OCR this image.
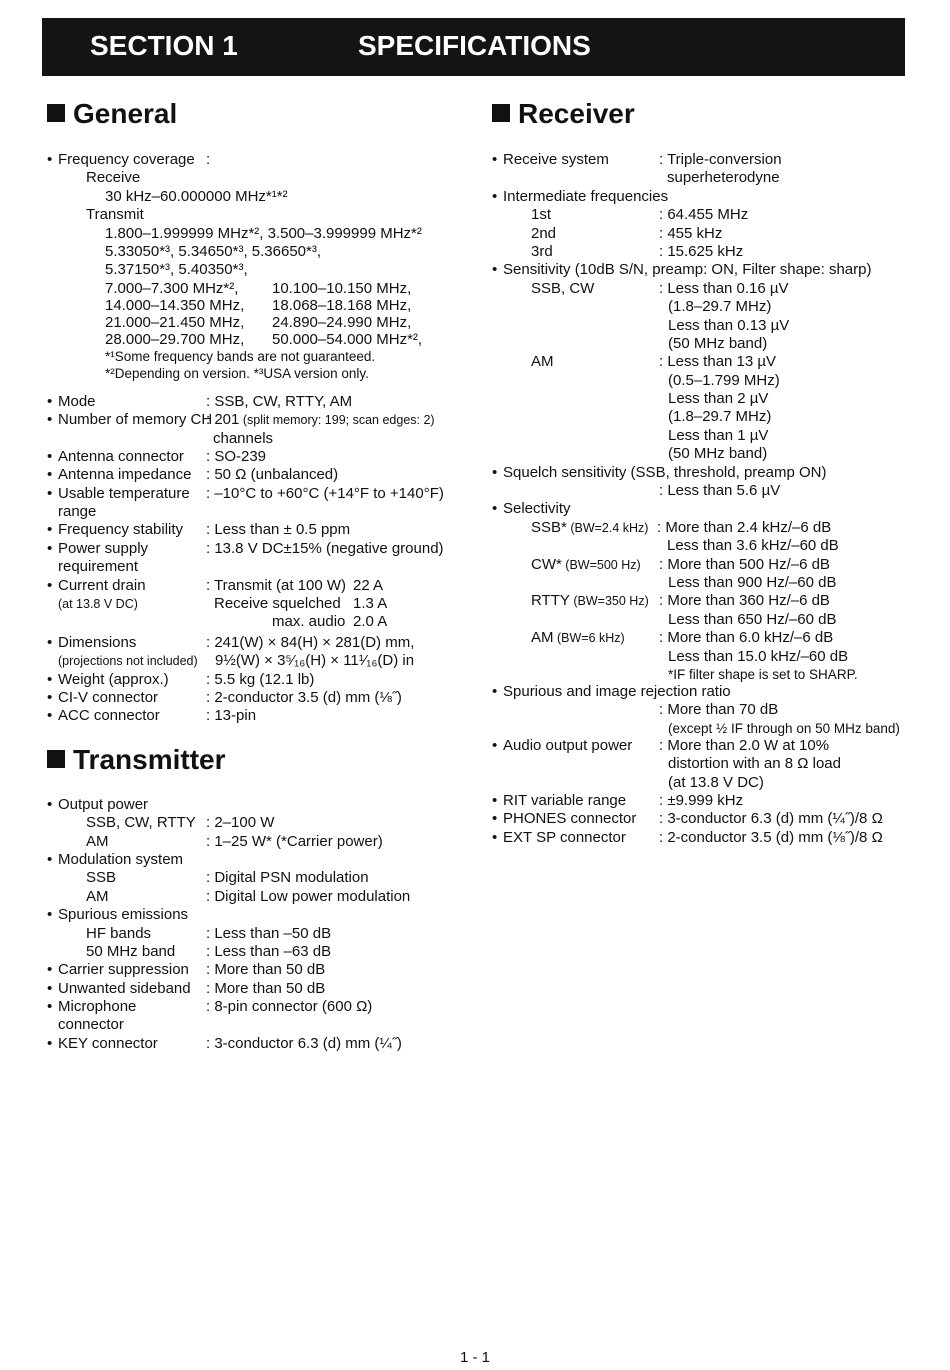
SECTION 1	SPECIFICATIONS
General
• Frequency coverage :
Receive
30 kHz–60.000000 MHz*¹*²
Transmit
1.800–1.999999 MHz*², 3.500–3.999999 MHz*²
5.33050*³, 5.34650*³, 5.36650*³,
5.37150*³, 5.40350*³,
7.000–7.300 MHz*², 10.100–10.150 MHz,
14.000–14.350 MHz, 18.068–18.168 MHz,
21.000–21.450 MHz, 24.890–24.990 MHz,
28.000–29.700 MHz, 50.000–54.000 MHz*²,
*¹Some frequency bands are not guaranteed.
*²Depending on version. *³USA version only.
• Mode	: SSB, CW, RTTY, AM
• Number of memory CH
: 201 (split memory: 199; scan edges: 2)
channels
• Antenna connector : SO-239
• Antenna impedance : 50 Ω (unbalanced)
• Usable temperature : –10°C to +60°C (+14°F to +140°F)
range
• Frequency stability : Less than ± 0.5 ppm
• Power supply	: 13.8 V DC±15% (negative ground)
requirement
• Current drain	: Transmit (at 100 W) 22 A
(at 13.8 V DC)	Receive squelched 1.3 A
max. audio 2.0 A
• Dimensions	: 241(W) × 84(H) × 281(D) mm,
(projections not included) 9½(W) × 3⁵⁄₁₆(H) × 11¹⁄₁₆(D) in
• Weight (approx.) : 5.5 kg (12.1 lb)
• CI-V connector	: 2-conductor 3.5 (d) mm (⅛˝)
• ACC connector	: 13-pin
Transmitter
• Output power
SSB, CW, RTTY : 2–100 W
AM	: 1–25 W* (*Carrier power)
• Modulation system
SSB	: Digital PSN modulation
AM	: Digital Low power modulation
• Spurious emissions
HF bands	: Less than –50 dB
50 MHz band : Less than –63 dB
• Carrier suppression : More than 50 dB
• Unwanted sideband : More than 50 dB
• Microphone	: 8-pin connector (600 Ω)
connector
• KEY connector	: 3-conductor 6.3 (d) mm (¼˝)
Receiver
• Receive system	: Triple-conversion
superheterodyne
• Intermediate frequencies
1st	: 64.455 MHz
2nd	: 455 kHz
3rd	: 15.625 kHz
• Sensitivity (10dB S/N, preamp: ON, Filter shape: sharp)
SSB, CW	: Less than 0.16 µV
(1.8–29.7 MHz)
Less than 0.13 µV
(50 MHz band)
AM	: Less than 13 µV
(0.5–1.799 MHz)
Less than 2 µV
(1.8–29.7 MHz)
Less than 1 µV
(50 MHz band)
• Squelch sensitivity (SSB, threshold, preamp ON)
: Less than 5.6 µV
• Selectivity
SSB* (BW=2.4 kHz) : More than 2.4 kHz/–6 dB
Less than 3.6 kHz/–60 dB
CW* (BW=500 Hz) : More than 500 Hz/–6 dB
Less than 900 Hz/–60 dB
RTTY (BW=350 Hz) : More than 360 Hz/–6 dB
Less than 650 Hz/–60 dB
AM (BW=6 kHz) : More than 6.0 kHz/–6 dB
Less than 15.0 kHz/–60 dB
*IF filter shape is set to SHARP.
• Spurious and image rejection ratio
: More than 70 dB
(except ½ IF through on 50 MHz band)
• Audio output power : More than 2.0 W at 10%
distortion with an 8 Ω load
(at 13.8 V DC)
• RIT variable range : ±9.999 kHz
• PHONES connector : 3-conductor 6.3 (d) mm (¼˝)/8 Ω
• EXT SP connector : 2-conductor 3.5 (d) mm (⅛˝)/8 Ω
1 - 1
